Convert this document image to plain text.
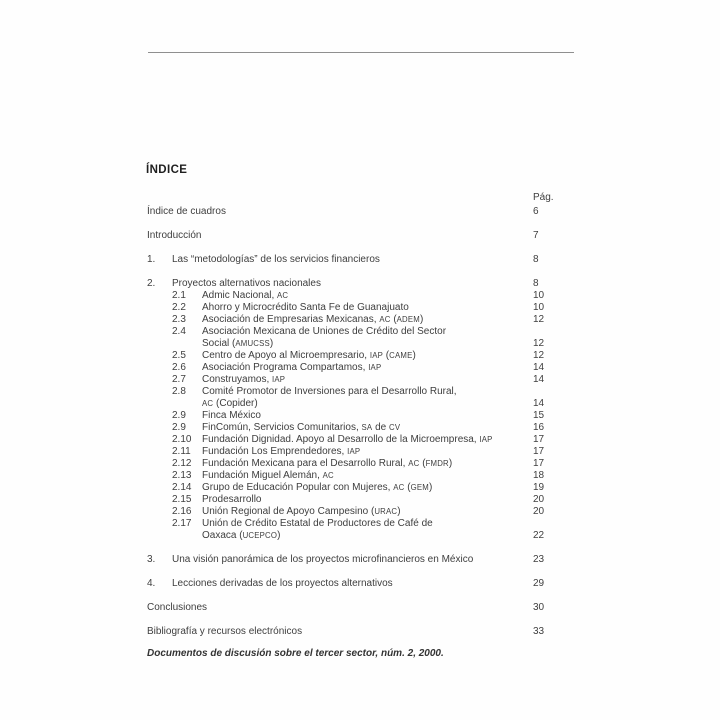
ÍNDICE
Pág.
Índice de cuadros	6
Introducción	7
1.	Las “metodologías” de los servicios financieros	8
2.	Proyectos alternativos nacionales	8
2.1	Admic Nacional, AC	10
2.2	Ahorro y Microcrédito Santa Fe de Guanajuato	10
2.3	Asociación de Empresarias Mexicanas, AC (ADEM)	12
2.4	Asociación Mexicana de Uniones de Crédito del Sector
Social (AMUCSS)	12
2.5	Centro de Apoyo al Microempresario, IAP (CAME)	12
2.6	Asociación Programa Compartamos, IAP	14
2.7	Construyamos, IAP	14
2.8	Comité Promotor de Inversiones para el Desarrollo Rural,
AC (Copider)	14
2.9	Finca México	15
2.9	FinComún, Servicios Comunitarios, SA de CV	16
2.10	Fundación Dignidad. Apoyo al Desarrollo de la Microempresa, IAP	17
2.11	Fundación Los Emprendedores, IAP	17
2.12	Fundación Mexicana para el Desarrollo Rural, AC (FMDR)	17
2.13	Fundación Miguel Alemán, AC	18
2.14	Grupo de Educación Popular con Mujeres, AC (GEM)	19
2.15	Prodesarrollo	20
2.16	Unión Regional de Apoyo Campesino (URAC)	20
2.17	Unión de Crédito Estatal de Productores de Café de
Oaxaca (UCEPCO)	22
3.	Una visión panorámica de los proyectos microfinancieros en México	23
4.	Lecciones derivadas de los proyectos alternativos	29
Conclusiones	30
Bibliografía y recursos electrónicos	33

Documentos de discusión sobre el tercer sector, núm. 2, 2000.
